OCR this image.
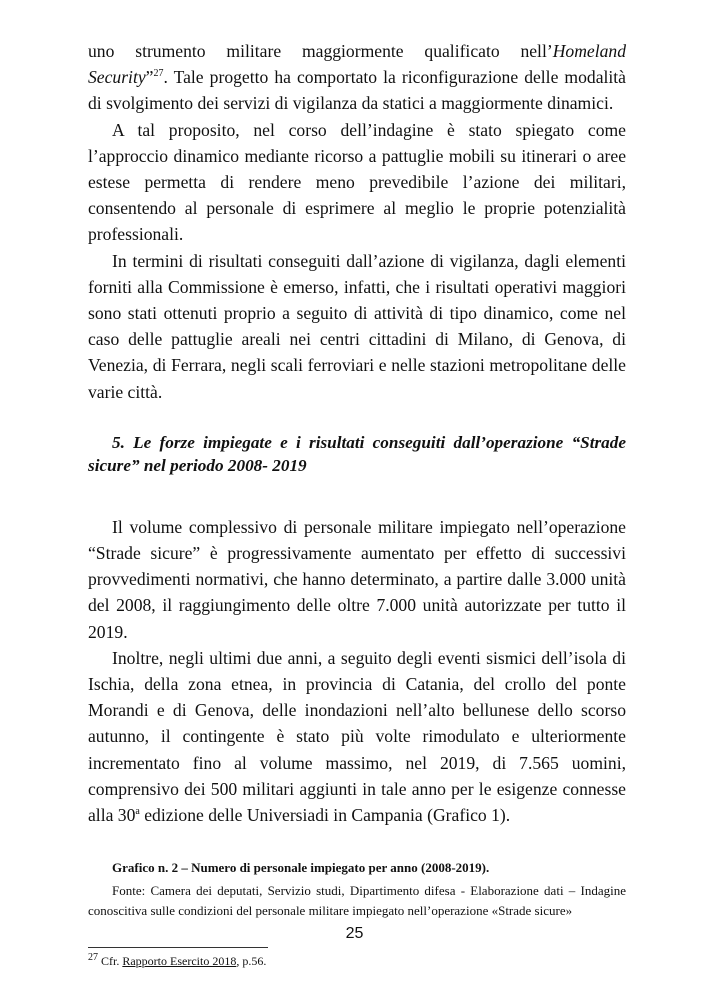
uno strumento militare maggiormente qualificato nell’Homeland Security”$^{27}$. Tale progetto ha comportato la riconfigurazione delle modalità di svolgimento dei servizi di vigilanza da statici a maggiormente dinamici.

A tal proposito, nel corso dell’indagine è stato spiegato come l’approccio dinamico mediante ricorso a pattuglie mobili su itinerari o aree estese permetta di rendere meno prevedibile l’azione dei militari, consentendo al personale di esprimere al meglio le proprie potenzialità professionali.

In termini di risultati conseguiti dall’azione di vigilanza, dagli elementi forniti alla Commissione è emerso, infatti, che i risultati operativi maggiori sono stati ottenuti proprio a seguito di attività di tipo dinamico, come nel caso delle pattuglie areali nei centri cittadini di Milano, di Genova, di Venezia, di Ferrara, negli scali ferroviari e nelle stazioni metropolitane delle varie città.

5. Le forze impiegate e i risultati conseguiti dall’operazione “Strade sicure” nel periodo 2008- 2019

Il volume complessivo di personale militare impiegato nell’operazione “Strade sicure” è progressivamente aumentato per effetto di successivi provvedimenti normativi, che hanno determinato, a partire dalle 3.000 unità del 2008, il raggiungimento delle oltre 7.000 unità autorizzate per tutto il 2019.

Inoltre, negli ultimi due anni, a seguito degli eventi sismici dell’isola di Ischia, della zona etnea, in provincia di Catania, del crollo del ponte Morandi e di Genova, delle inondazioni nell’alto bellunese dello scorso autunno, il contingente è stato più volte rimodulato e ulteriormente incrementato fino al volume massimo, nel 2019, di 7.565 uomini, comprensivo dei 500 militari aggiunti in tale anno per le esigenze connesse alla 30$^a$ edizione delle Universiadi in Campania (Grafico 1).

Grafico n. 2 – Numero di personale impiegato per anno (2008-2019).

Fonte: Camera dei deputati, Servizio studi, Dipartimento difesa - Elaborazione dati – Indagine conoscitiva sulle condizioni del personale militare impiegato nell’operazione «Strade sicure»

$^{27}$ Cfr. Rapporto Esercito 2018, p.56.
25
